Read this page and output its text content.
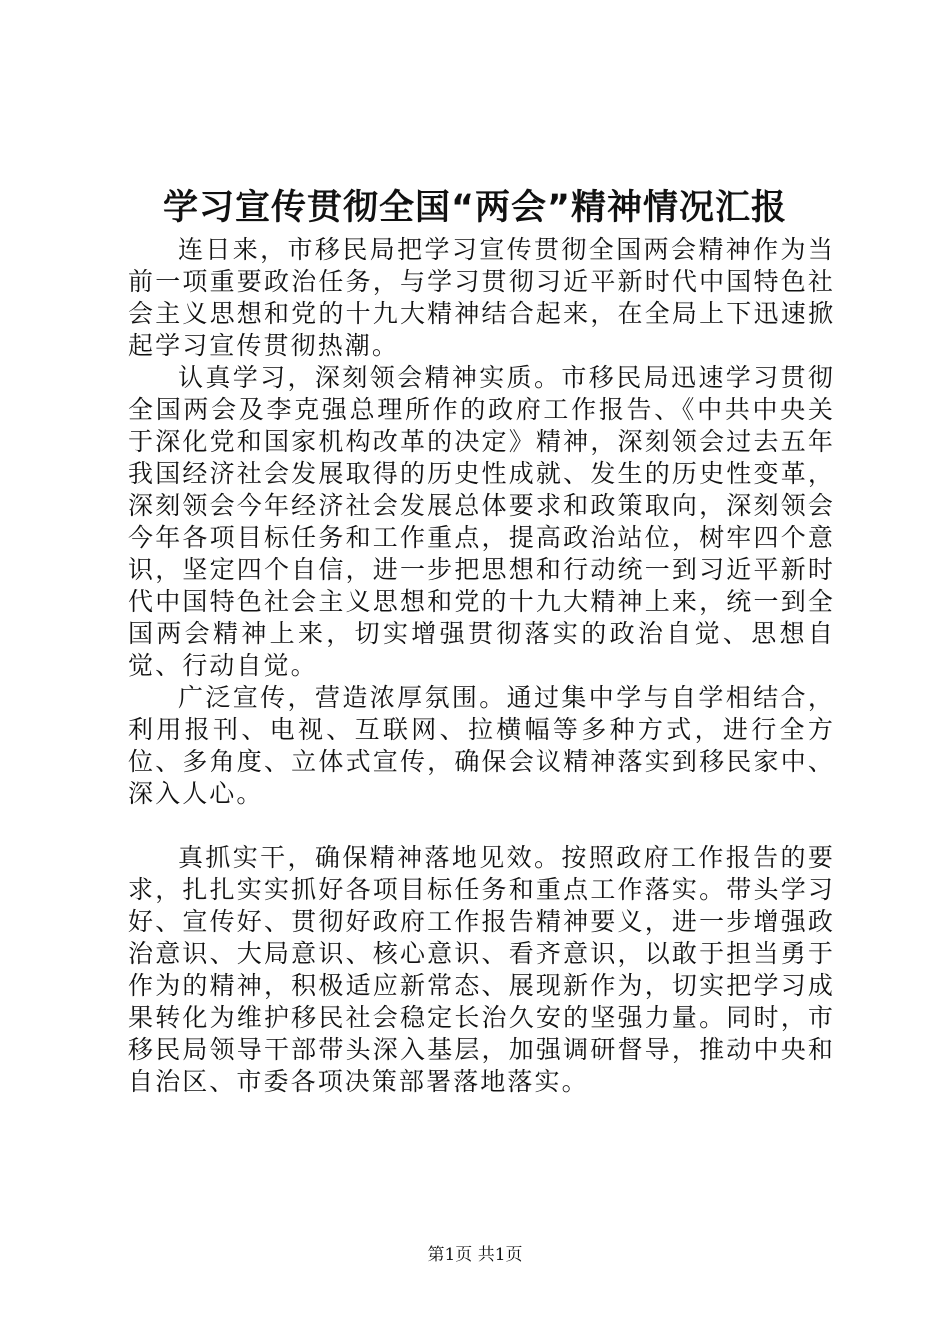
学习宣传贯彻全国“两会”精神情况汇报

连日来，市移民局把学习宣传贯彻全国两会精神作为当前一项重要政治任务，与学习贯彻习近平新时代中国特色社会主义思想和党的十九大精神结合起来，在全局上下迅速掀起学习宣传贯彻热潮。

认真学习，深刻领会精神实质。市移民局迅速学习贯彻全国两会及李克强总理所作的政府工作报告、《中共中央关于深化党和国家机构改革的决定》精神，深刻领会过去五年我国经济社会发展取得的历史性成就、发生的历史性变革，深刻领会今年经济社会发展总体要求和政策取向，深刻领会今年各项目标任务和工作重点，提高政治站位，树牢四个意识，坚定四个自信，进一步把思想和行动统一到习近平新时代中国特色社会主义思想和党的十九大精神上来，统一到全国两会精神上来，切实增强贯彻落实的政治自觉、思想自觉、行动自觉。

广泛宣传，营造浓厚氛围。通过集中学与自学相结合，利用报刊、电视、互联网、拉横幅等多种方式，进行全方位、多角度、立体式宣传，确保会议精神落实到移民家中、深入人心。

真抓实干，确保精神落地见效。按照政府工作报告的要求，扎扎实实抓好各项目标任务和重点工作落实。带头学习好、宣传好、贯彻好政府工作报告精神要义，进一步增强政治意识、大局意识、核心意识、看齐意识，以敢于担当勇于作为的精神，积极适应新常态、展现新作为，切实把学习成果转化为维护移民社会稳定长治久安的坚强力量。同时，市移民局领导干部带头深入基层，加强调研督导，推动中央和自治区、市委各项决策部署落地落实。

第1页 共1页
